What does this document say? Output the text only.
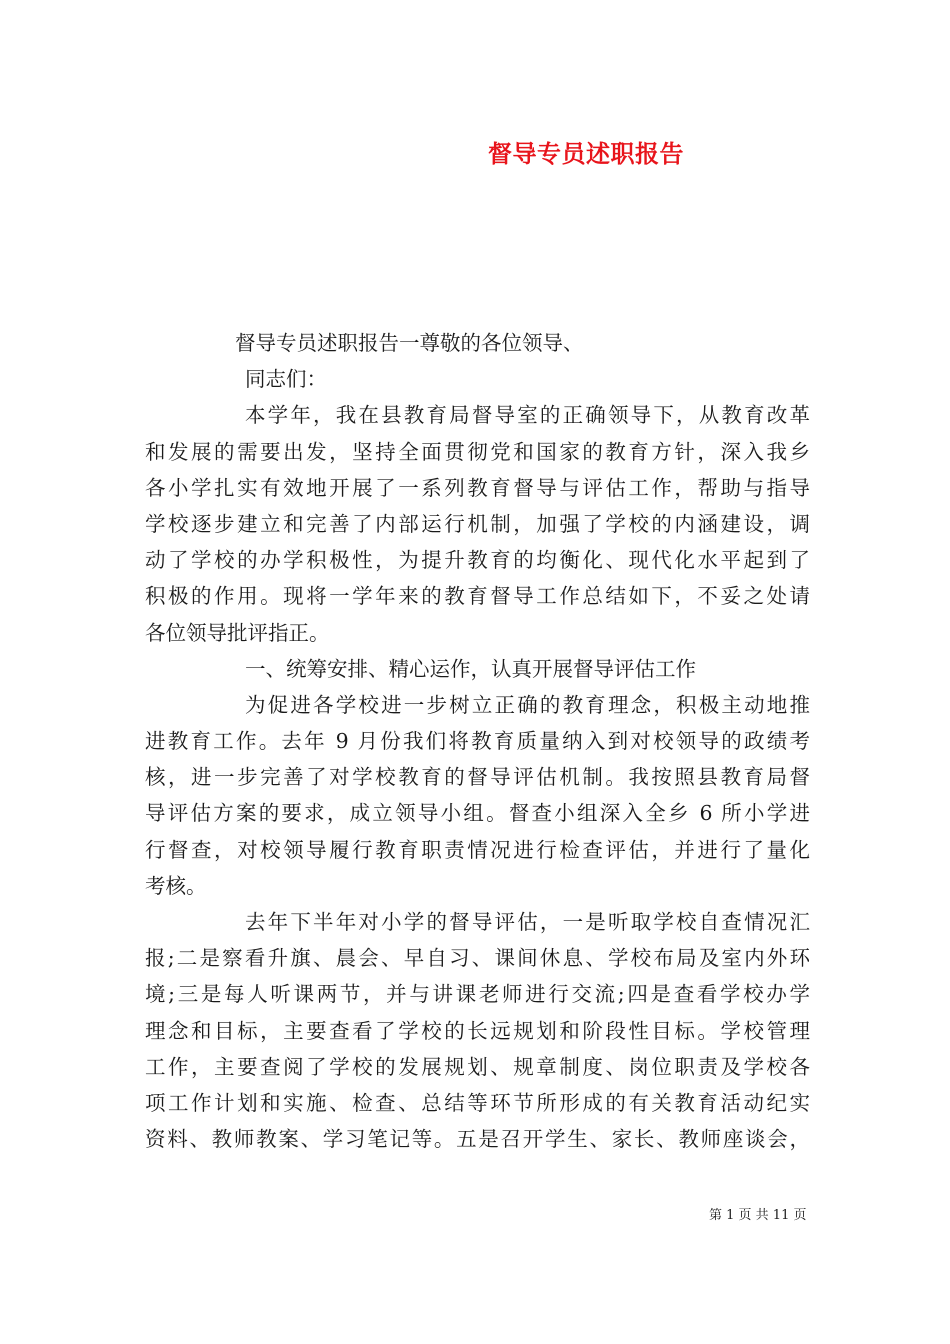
督导专员述职报告
督导专员述职报告一尊敬的各位领导、
同志们：
本学年，我在县教育局督导室的正确领导下，从教育改革
和发展的需要出发，坚持全面贯彻党和国家的教育方针，深入我乡
各小学扎实有效地开展了一系列教育督导与评估工作，帮助与指导
学校逐步建立和完善了内部运行机制，加强了学校的内涵建设，调
动了学校的办学积极性，为提升教育的均衡化、现代化水平起到了
积极的作用。现将一学年来的教育督导工作总结如下，不妥之处请
各位领导批评指正。
一、统筹安排、精心运作，认真开展督导评估工作
为促进各学校进一步树立正确的教育理念，积极主动地推
进教育工作。去年 9 月份我们将教育质量纳入到对校领导的政绩考
核，进一步完善了对学校教育的督导评估机制。我按照县教育局督
导评估方案的要求，成立领导小组。督查小组深入全乡 6 所小学进
行督查，对校领导履行教育职责情况进行检查评估，并进行了量化
考核。
去年下半年对小学的督导评估，一是听取学校自查情况汇
报;二是察看升旗、晨会、早自习、课间休息、学校布局及室内外环
境;三是每人听课两节，并与讲课老师进行交流;四是查看学校办学
理念和目标，主要查看了学校的长远规划和阶段性目标。学校管理
工作，主要查阅了学校的发展规划、规章制度、岗位职责及学校各
项工作计划和实施、检查、总结等环节所形成的有关教育活动纪实
资料、教师教案、学习笔记等。五是召开学生、家长、教师座谈会，
第 1 页 共 11 页
